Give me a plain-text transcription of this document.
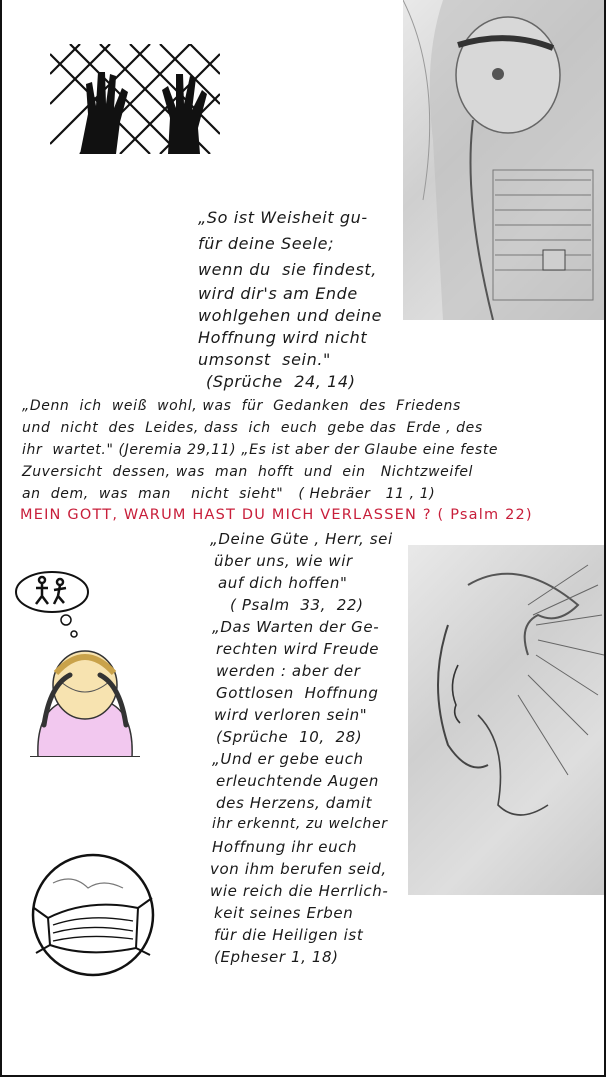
„So ist Weisheit gu-
für deine Seele;
wenn du  sie findest,
wird dir's am Ende
wohlgehen und deine
Hoffnung wird nicht
umsonst  sein."
(Sprüche  24, 14)
„Denn  ich  weiß  wohl, was  für  Gedanken  des  Friedens
und  nicht  des  Leides, dass  ich  euch  gebe das  Erde , des
ihr  wartet." (Jeremia 29,11) „Es ist aber der Glaube eine feste
Zuversicht  dessen, was  man  hofft  und  ein   Nichtzweifel
an  dem,  was  man    nicht  sieht"   ( Hebräer   11 , 1)
MEIN GOTT, WARUM HAST DU MICH VERLASSEN ? ( Psalm 22)
„Deine Güte , Herr, sei
über uns, wie wir
auf dich hoffen"
( Psalm  33,  22)
„Das Warten der Ge-
rechten wird Freude
werden : aber der
Gottlosen  Hoffnung
wird verloren sein"
(Sprüche  10,  28)
„Und er gebe euch
erleuchtende Augen
des Herzens, damit
ihr erkennt, zu welcher
Hoffnung ihr euch
von ihm berufen seid,
wie reich die Herrlich-
keit seines Erben
für die Heiligen ist
(Epheser 1, 18)
